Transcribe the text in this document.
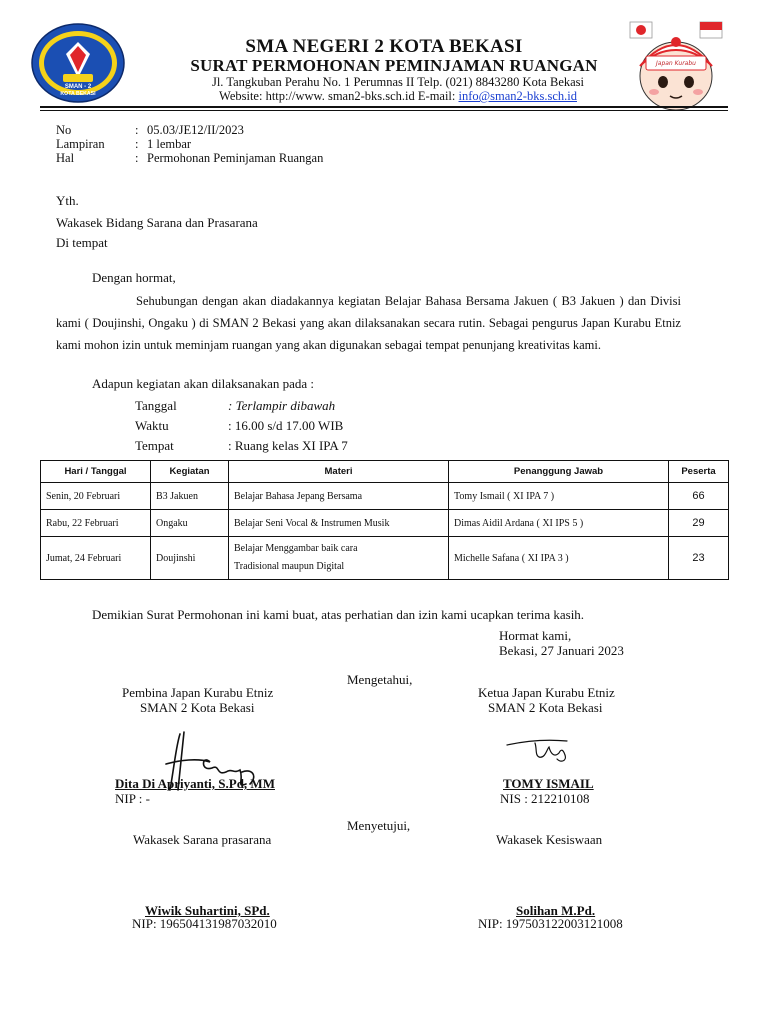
SMAN - 2
KOTA BEKASI
SMA NEGERI 2 KOTA BEKASI
SURAT PERMOHONAN PEMINJAMAN RUANGAN
Jl. Tangkuban Perahu No. 1 Perumnas II Telp. (021) 8843280 Kota Bekasi
Website: http://www. sman2-bks.sch.id E-mail: info@sman2-bks.sch.id
Japan Kurabu
No	: 05.03/JE12/II/2023
Lampiran : 1 lembar
Hal	: Permohonan Peminjaman Ruangan
Yth.
Wakasek Bidang Sarana dan Prasarana
Di tempat
Dengan hormat,
Sehubungan dengan akan diadakannya kegiatan Belajar Bahasa Bersama Jakuen ( B3 Jakuen ) dan Divisi kami ( Doujinshi, Ongaku ) di SMAN 2 Bekasi yang akan dilaksanakan secara rutin. Sebagai pengurus Japan Kurabu Etniz kami mohon izin untuk meminjam ruangan yang akan digunakan sebagai tempat penunjang kreativitas kami.
Adapun kegiatan akan dilaksanakan pada :
Tanggal	: Terlampir dibawah
Waktu	: 16.00 s/d 17.00 WIB
Tempat	: Ruang kelas XI IPA 7
Hari / Tanggal	Kegiatan	Materi	Penanggung Jawab	Peserta
Senin, 20 Februari	B3 Jakuen	Belajar Bahasa Jepang Bersama	Tomy Ismail ( XI IPA 7 )	66
Rabu, 22 Februari	Ongaku	Belajar Seni Vocal & Instrumen Musik	Dimas Aidil Ardana ( XI IPS 5 )	29
Jumat, 24 Februari	Doujinshi	Belajar Menggambar baik cara
Tradisional maupun Digital	Michelle Safana ( XI IPA 3 )	23
Demikian Surat Permohonan ini kami buat, atas perhatian dan izin kami ucapkan terima kasih.
Hormat kami,
Bekasi, 27 Januari 2023
Mengetahui,
Pembina Japan Kurabu Etniz
SMAN 2 Kota Bekasi
Ketua Japan Kurabu Etniz
SMAN 2 Kota Bekasi
Dita Di Apriyanti, S.Pd, MM
NIP : -
TOMY ISMAIL
NIS : 212210108
Menyetujui,
Wakasek Sarana prasarana	Wakasek Kesiswaan
Wiwik Suhartini, SPd.
NIP: 196504131987032010
Solihan M.Pd.
NIP: 197503122003121008
